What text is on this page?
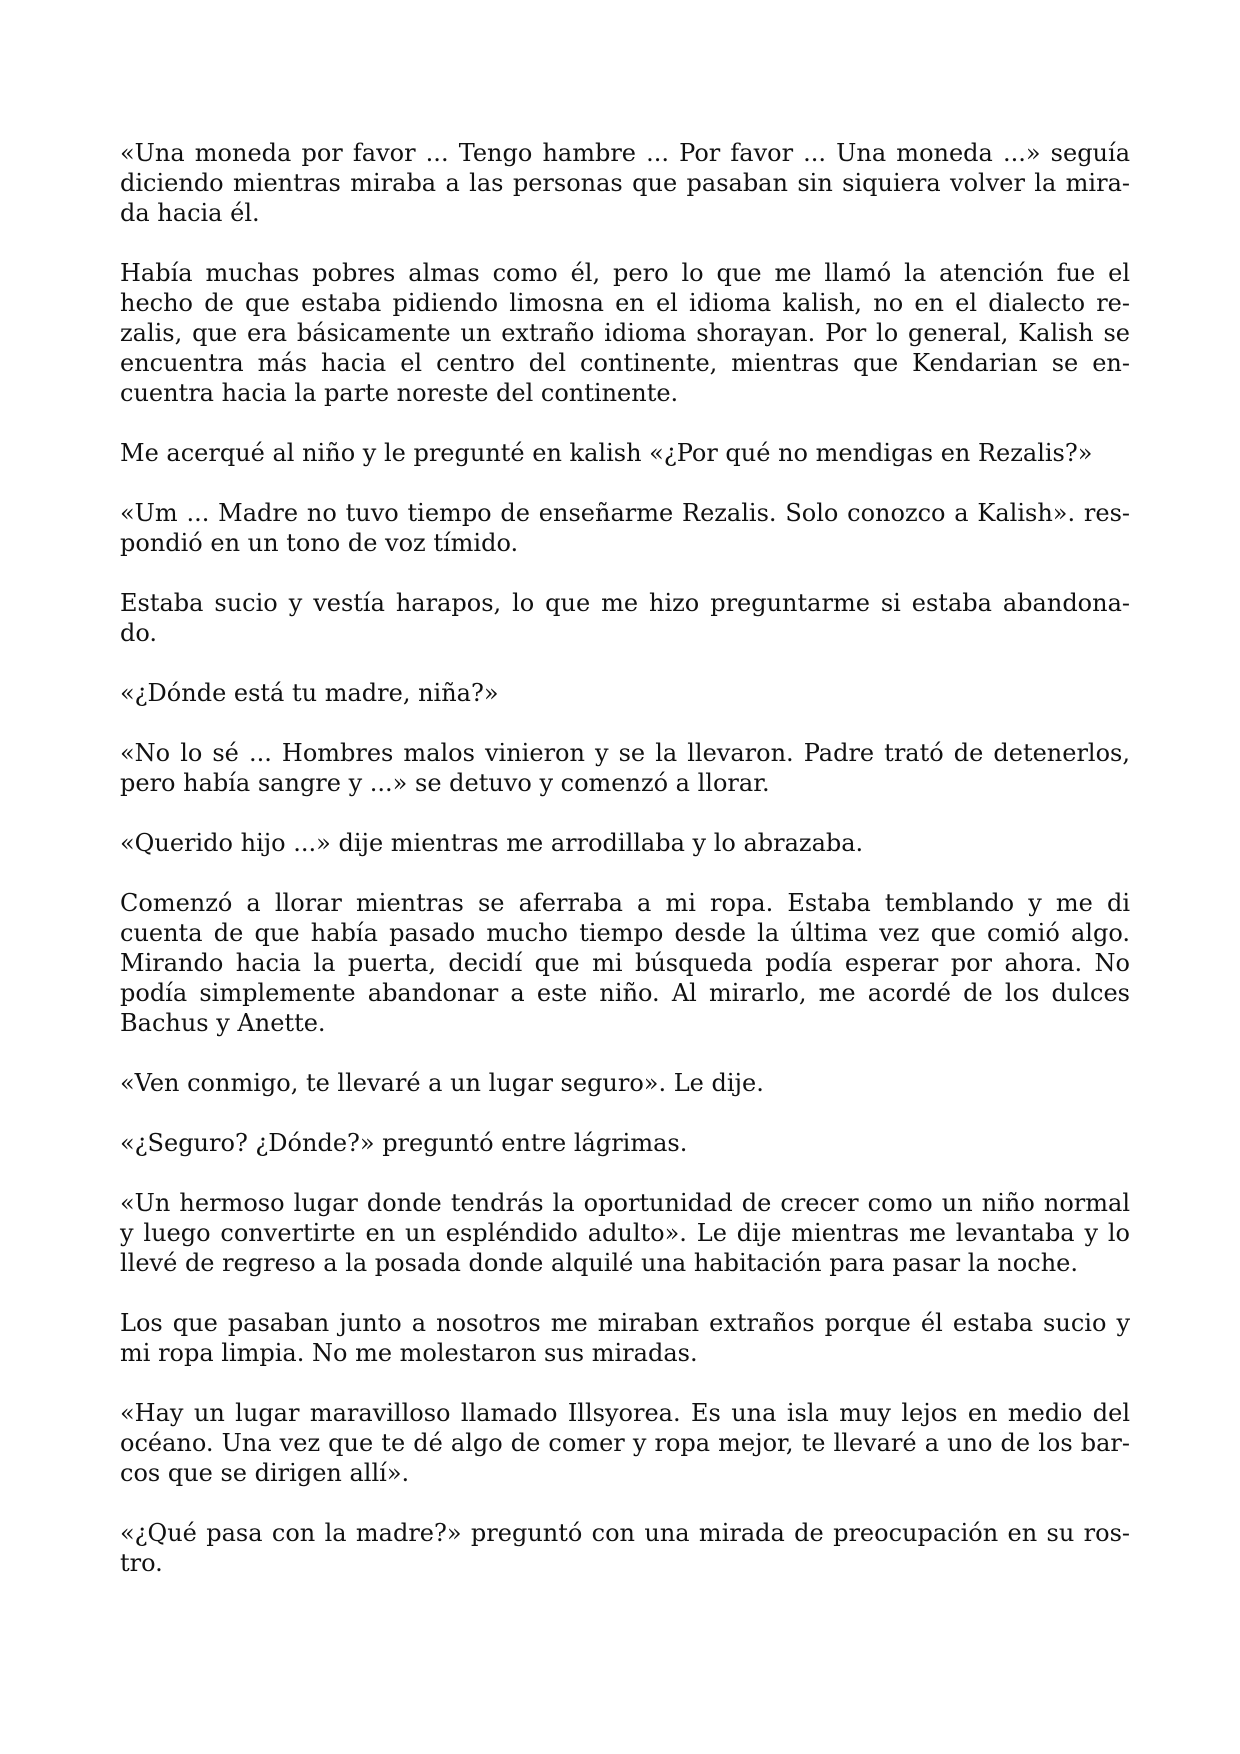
«Una moneda por favor ... Tengo hambre ... Por favor ... Una moneda ...» seguía
diciendo mientras miraba a las personas que pasaban sin siquiera volver la mira-
da hacia él.

Había muchas pobres almas como él, pero lo que me llamó la atención fue el
hecho de que estaba pidiendo limosna en el idioma kalish, no en el dialecto re-
zalis, que era básicamente un extraño idioma shorayan. Por lo general, Kalish se
encuentra más hacia el centro del continente, mientras que Kendarian se en-
cuentra hacia la parte noreste del continente.

Me acerqué al niño y le pregunté en kalish «¿Por qué no mendigas en Rezalis?»

«Um ... Madre no tuvo tiempo de enseñarme Rezalis. Solo conozco a Kalish». res-
pondió en un tono de voz tímido.

Estaba sucio y vestía harapos, lo que me hizo preguntarme si estaba abandona-
do.

«¿Dónde está tu madre, niña?»

«No lo sé ... Hombres malos vinieron y se la llevaron. Padre trató de detenerlos,
pero había sangre y ...» se detuvo y comenzó a llorar.

«Querido hijo ...» dije mientras me arrodillaba y lo abrazaba.

Comenzó a llorar mientras se aferraba a mi ropa. Estaba temblando y me di
cuenta de que había pasado mucho tiempo desde la última vez que comió algo.
Mirando hacia la puerta, decidí que mi búsqueda podía esperar por ahora. No
podía simplemente abandonar a este niño. Al mirarlo, me acordé de los dulces
Bachus y Anette.

«Ven conmigo, te llevaré a un lugar seguro». Le dije.

«¿Seguro? ¿Dónde?» preguntó entre lágrimas.

«Un hermoso lugar donde tendrás la oportunidad de crecer como un niño normal
y luego convertirte en un espléndido adulto». Le dije mientras me levantaba y lo
llevé de regreso a la posada donde alquilé una habitación para pasar la noche.

Los que pasaban junto a nosotros me miraban extraños porque él estaba sucio y
mi ropa limpia. No me molestaron sus miradas.

«Hay un lugar maravilloso llamado Illsyorea. Es una isla muy lejos en medio del
océano. Una vez que te dé algo de comer y ropa mejor, te llevaré a uno de los bar-
cos que se dirigen allí».

«¿Qué pasa con la madre?» preguntó con una mirada de preocupación en su ros-
tro.
